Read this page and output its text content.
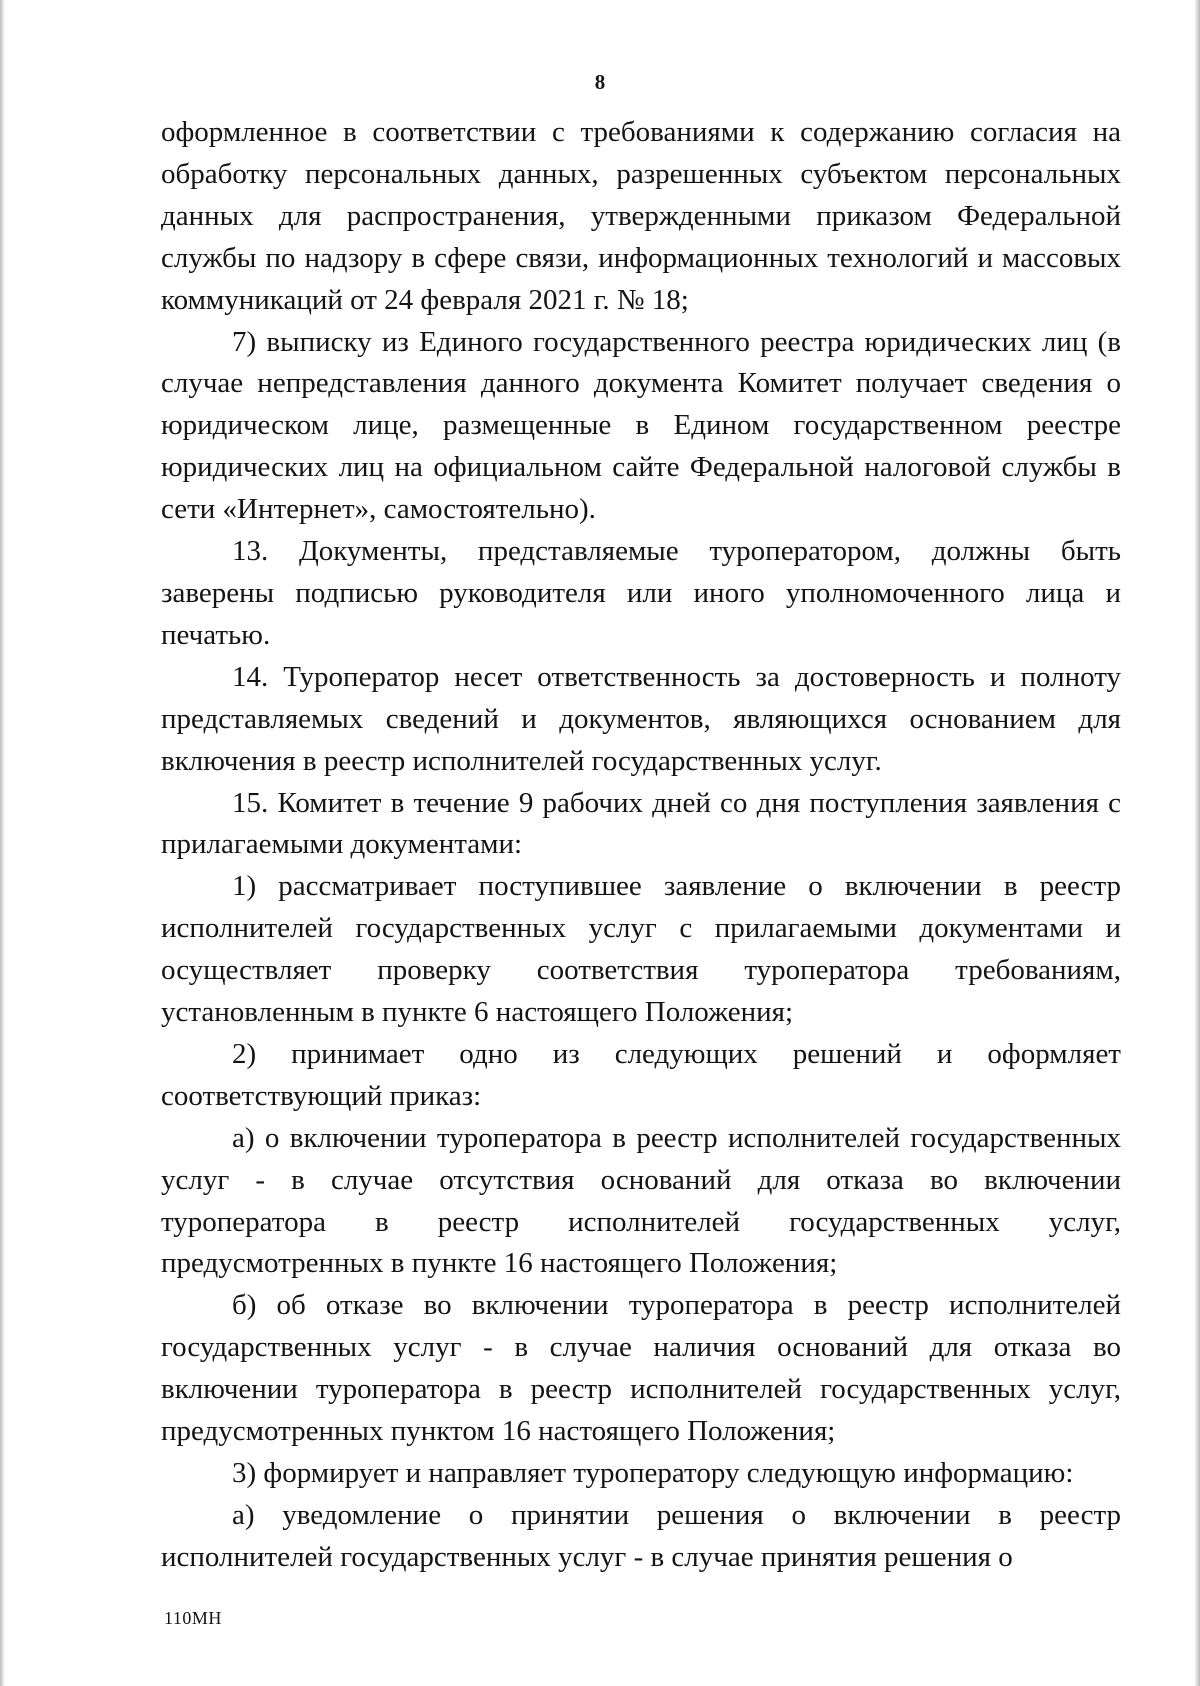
8

оформленное в соответствии с требованиями к содержанию согласия на обработку персональных данных, разрешенных субъектом персональных данных для распространения, утвержденными приказом Федеральной службы по надзору в сфере связи, информационных технологий и массовых коммуникаций от 24 февраля 2021 г. № 18;

7) выписку из Единого государственного реестра юридических лиц (в случае непредставления данного документа Комитет получает сведения о юридическом лице, размещенные в Едином государственном реестре юридических лиц на официальном сайте Федеральной налоговой службы в сети «Интернет», самостоятельно).

13. Документы, представляемые туроператором, должны быть заверены подписью руководителя или иного уполномоченного лица и печатью.

14. Туроператор несет ответственность за достоверность и полноту представляемых сведений и документов, являющихся основанием для включения в реестр исполнителей государственных услуг.

15. Комитет в течение 9 рабочих дней со дня поступления заявления с прилагаемыми документами:

1) рассматривает поступившее заявление о включении в реестр исполнителей государственных услуг с прилагаемыми документами и осуществляет проверку соответствия туроператора требованиям, установленным в пункте 6 настоящего Положения;

2) принимает одно из следующих решений и оформляет соответствующий приказ:

а) о включении туроператора в реестр исполнителей государственных услуг - в случае отсутствия оснований для отказа во включении туроператора в реестр исполнителей государственных услуг, предусмотренных в пункте 16 настоящего Положения;

б) об отказе во включении туроператора в реестр исполнителей государственных услуг - в случае наличия оснований для отказа во включении туроператора в реестр исполнителей государственных услуг, предусмотренных пунктом 16 настоящего Положения;

3) формирует и направляет туроператору следующую информацию:

а) уведомление о принятии решения о включении в реестр исполнителей государственных услуг - в случае принятия решения о

110МН
